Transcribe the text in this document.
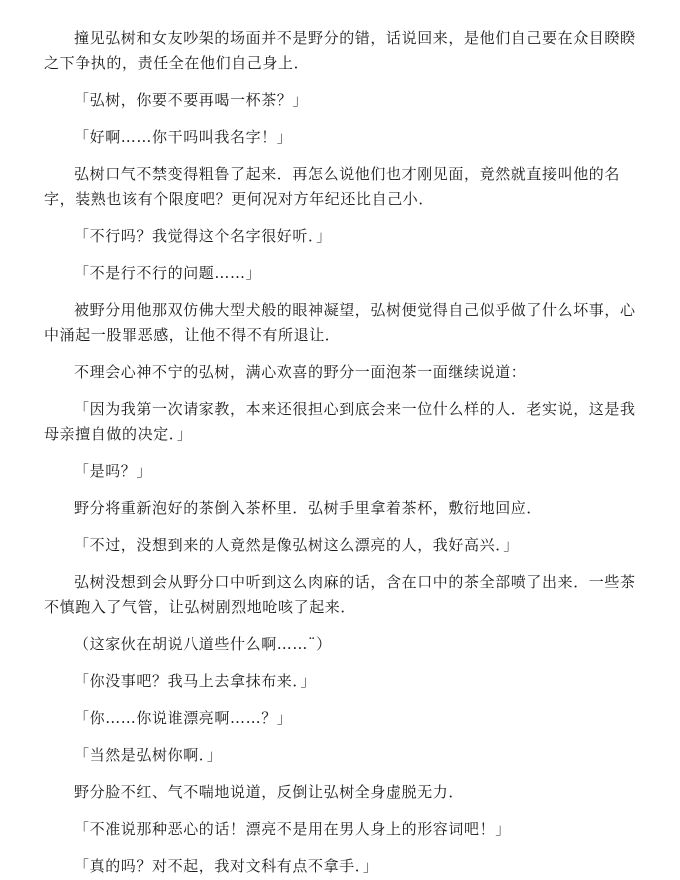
撞见弘树和女友吵架的场面并不是野分的错，话说回来，是他们自己要在众目睽睽之下争执的，责任全在他们自己身上．

「弘树，你要不要再喝一杯茶？」

「好啊……你干吗叫我名字！」

弘树口气不禁变得粗鲁了起来．再怎么说他们也才刚见面，竟然就直接叫他的名字，装熟也该有个限度吧？更何况对方年纪还比自己小．

「不行吗？我觉得这个名字很好听．」

「不是行不行的问题……」

被野分用他那双仿佛大型犬般的眼神凝望，弘树便觉得自己似乎做了什么坏事，心中涌起一股罪恶感，让他不得不有所退让．

不理会心神不宁的弘树，满心欢喜的野分一面泡茶一面继续说道：

「因为我第一次请家教，本来还很担心到底会来一位什么样的人．老实说，这是我母亲擅自做的决定．」

「是吗？」

野分将重新泡好的茶倒入茶杯里．弘树手里拿着茶杯，敷衍地回应．

「不过，没想到来的人竟然是像弘树这么漂亮的人，我好高兴．」

弘树没想到会从野分口中听到这么肉麻的话，含在口中的茶全部喷了出来．一些茶不慎跑入了气管，让弘树剧烈地呛咳了起来．

（这家伙在胡说八道些什么啊……¨）

「你没事吧？我马上去拿抹布来．」

「你……你说谁漂亮啊……？」

「当然是弘树你啊．」

野分脸不红、气不喘地说道，反倒让弘树全身虚脱无力．

「不准说那种恶心的话！漂亮不是用在男人身上的形容词吧！」

「真的吗？对不起，我对文科有点不拿手．」
